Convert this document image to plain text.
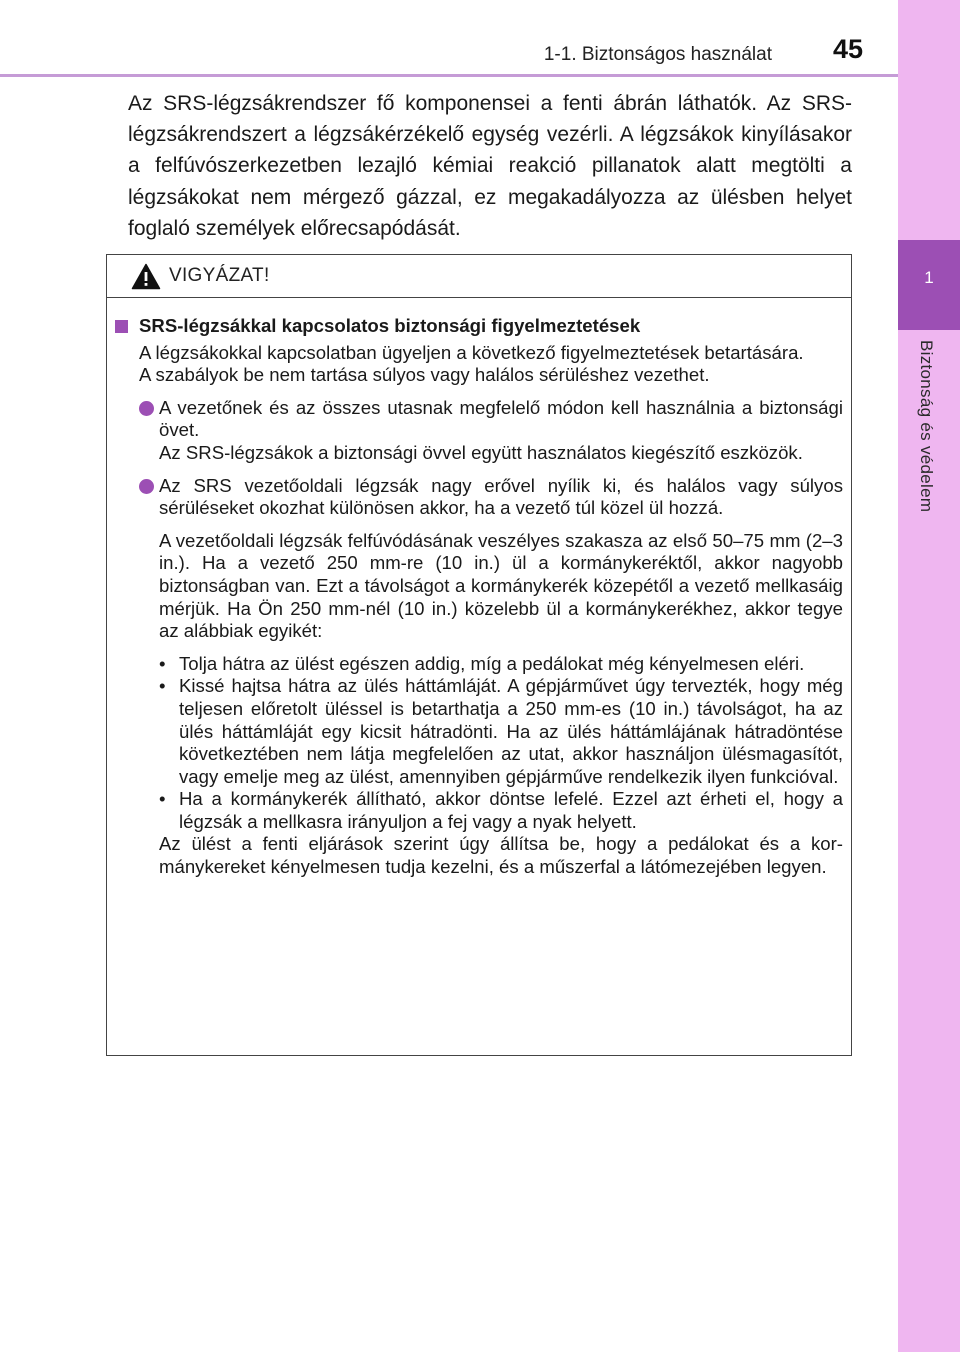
1-1. Biztonságos használat 45
1
Biztonság és védelem

Az SRS-légzsákrendszer fő komponensei a fenti ábrán láthatók. Az SRS-légzsákrendszert a légzsákérzékelő egység vezérli. A légzsákok kinyílásakor a felfúvószerkezetben lezajló kémiai reakció pillanatok alatt megtölti a légzsákokat nem mérgező gázzal, ez megakadályozza az ülésben helyet foglaló személyek előrecsapódását.

VIGYÁZAT!
SRS-légzsákkal kapcsolatos biztonsági figyelmeztetések

A légzsákokkal kapcsolatban ügyeljen a következő figyelmeztetések betartására.

A szabályok be nem tartása súlyos vagy halálos sérüléshez vezethet.

A vezetőnek és az összes utasnak megfelelő módon kell használnia a biztonsági övet.
Az SRS-légzsákok a biztonsági övvel együtt használatos kiegészítő eszközök.
Az SRS vezetőoldali légzsák nagy erővel nyílik ki, és halálos vagy súlyos sérüléseket okozhat különösen akkor, ha a vezető túl közel ül hozzá.

A vezetőoldali légzsák felfúvódásának veszélyes szakasza az első 50–75 mm (2–3 in.). Ha a vezető 250 mm-re (10 in.) ül a kormánykeréktől, akkor nagyobb biztonságban van. Ezt a távolságot a kormánykerék közepétől a vezető mellkasáig mérjük. Ha Ön 250 mm-nél (10 in.) közelebb ül a kormánykerékhez, akkor tegye az alábbiak egyikét:

• Tolja hátra az ülést egészen addig, míg a pedálokat még kényelmesen eléri.
• Kissé hajtsa hátra az ülés háttámláját. A gépjárművet úgy tervezték, hogy még teljesen előretolt üléssel is betarthatja a 250 mm-es (10 in.) távolságot, ha az ülés háttámláját egy kicsit hátradönti. Ha az ülés háttámlájának hátradöntése következtében nem látja megfelelően az utat, akkor használjon ülésmagasítót, vagy emelje meg az ülést, amennyiben gépjárműve rendelkezik ilyen funkcióval.
• Ha a kormánykerék állítható, akkor döntse lefelé. Ezzel azt érheti el, hogy a légzsák a mellkasra irányuljon a fej vagy a nyak helyett.

Az ülést a fenti eljárások szerint úgy állítsa be, hogy a pedálokat és a kormánykereket kényelmesen tudja kezelni, és a műszerfal a látómezejében legyen.
